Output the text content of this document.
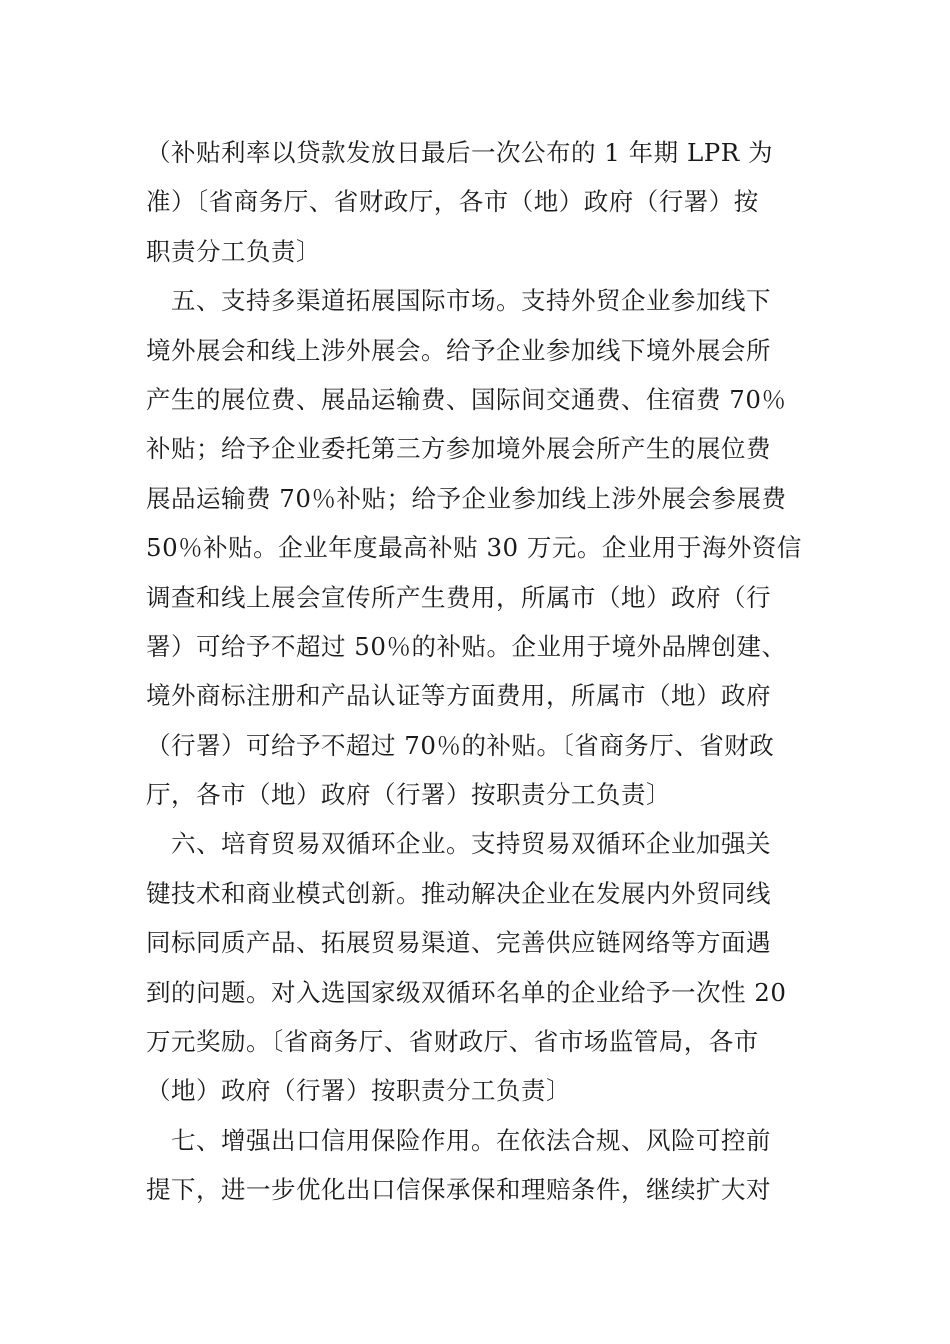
（补贴利率以贷款发放日最后一次公布的 1 年期 LPR 为
准）〔省商务厅、省财政厅，各市（地）政府（行署）按
职责分工负责〕
　五、支持多渠道拓展国际市场。支持外贸企业参加线下
境外展会和线上涉外展会。给予企业参加线下境外展会所
产生的展位费、展品运输费、国际间交通费、住宿费 70％
补贴；给予企业委托第三方参加境外展会所产生的展位费
展品运输费 70％补贴；给予企业参加线上涉外展会参展费
50％补贴。企业年度最高补贴 30 万元。企业用于海外资信
调查和线上展会宣传所产生费用，所属市（地）政府（行
署）可给予不超过 50％的补贴。企业用于境外品牌创建、
境外商标注册和产品认证等方面费用，所属市（地）政府
（行署）可给予不超过 70％的补贴。〔省商务厅、省财政
厅，各市（地）政府（行署）按职责分工负责〕
　六、培育贸易双循环企业。支持贸易双循环企业加强关
键技术和商业模式创新。推动解决企业在发展内外贸同线
同标同质产品、拓展贸易渠道、完善供应链网络等方面遇
到的问题。对入选国家级双循环名单的企业给予一次性 20
万元奖励。〔省商务厅、省财政厅、省市场监管局，各市
（地）政府（行署）按职责分工负责〕
　七、增强出口信用保险作用。在依法合规、风险可控前
提下，进一步优化出口信保承保和理赔条件，继续扩大对
